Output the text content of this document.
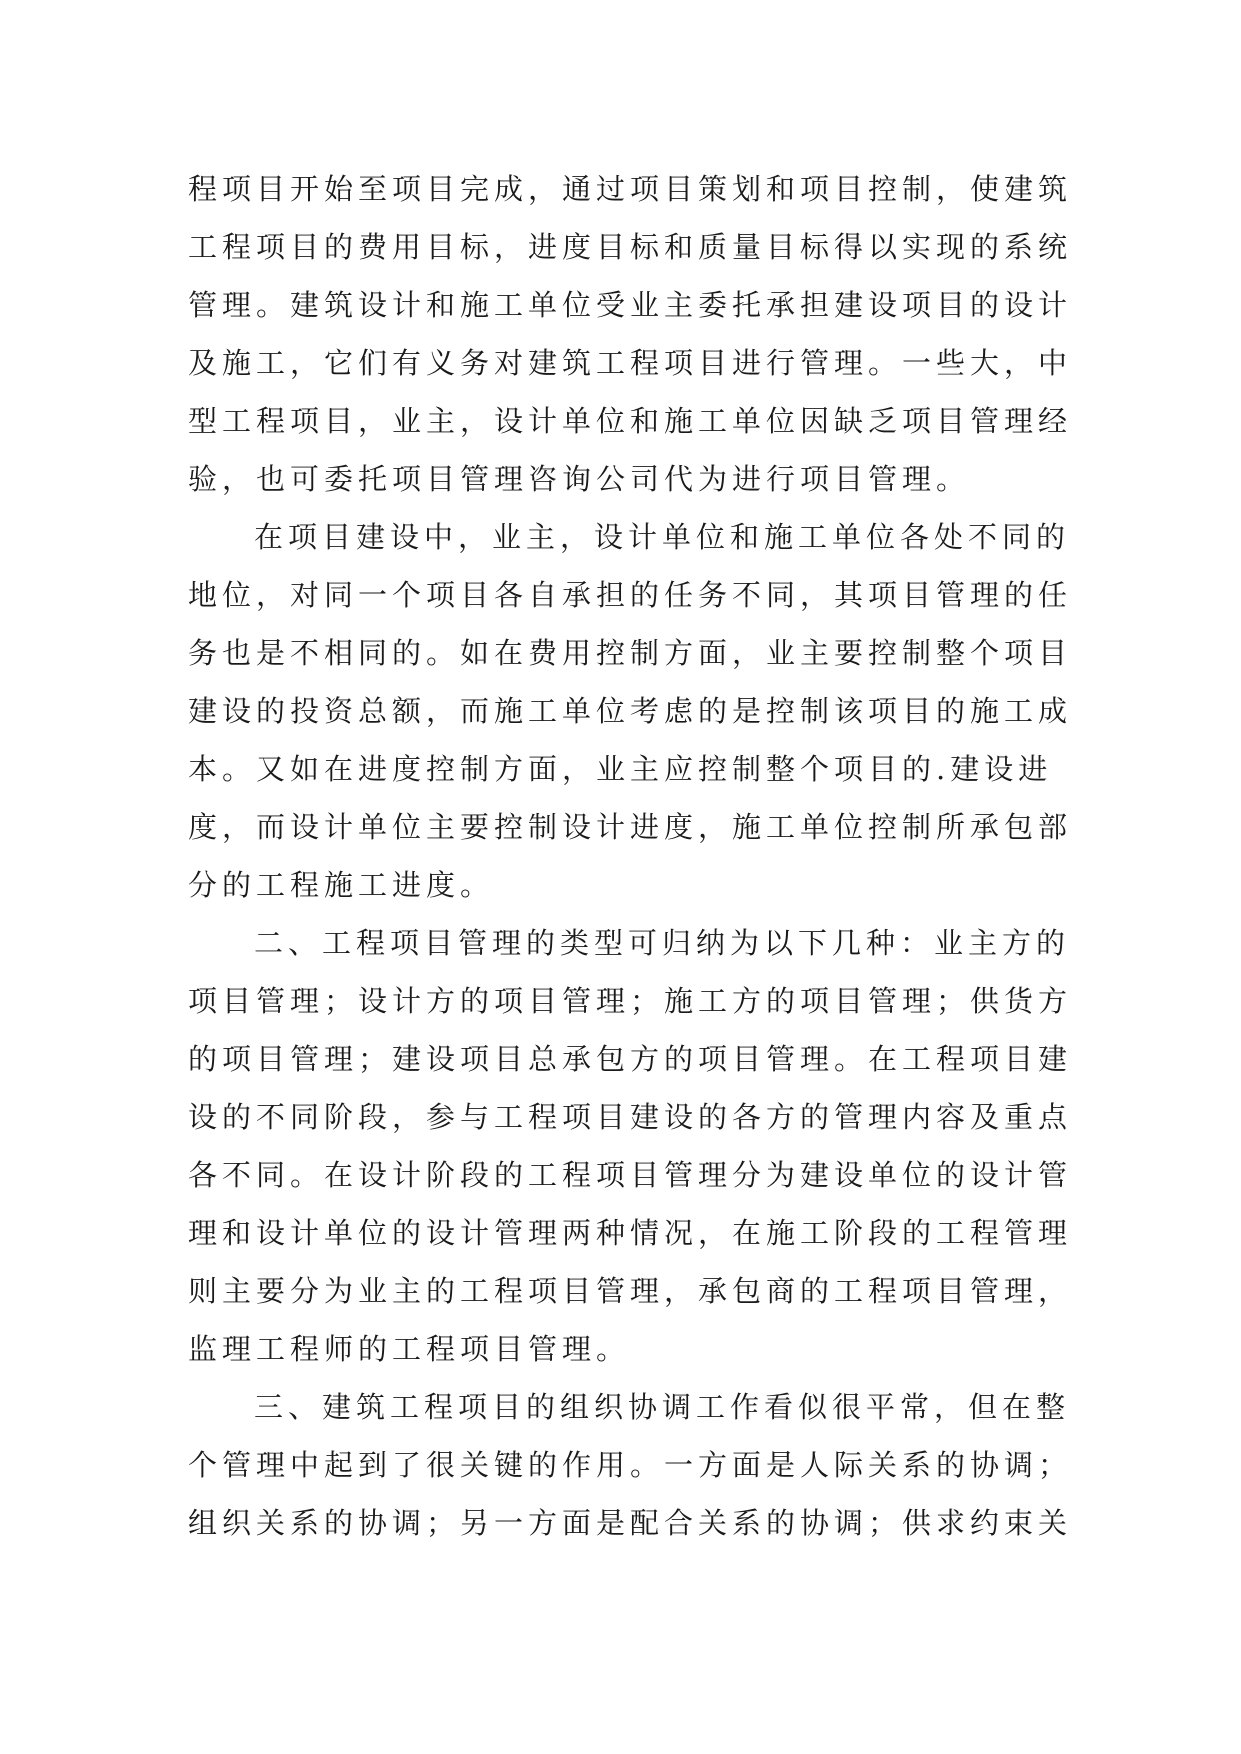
程项目开始至项目完成，通过项目策划和项目控制，使建筑
工程项目的费用目标，进度目标和质量目标得以实现的系统
管理。建筑设计和施工单位受业主委托承担建设项目的设计
及施工，它们有义务对建筑工程项目进行管理。一些大，中
型工程项目，业主，设计单位和施工单位因缺乏项目管理经
验，也可委托项目管理咨询公司代为进行项目管理。
在项目建设中，业主，设计单位和施工单位各处不同的
地位，对同一个项目各自承担的任务不同，其项目管理的任
务也是不相同的。如在费用控制方面，业主要控制整个项目
建设的投资总额，而施工单位考虑的是控制该项目的施工成
本。又如在进度控制方面，业主应控制整个项目的.建设进
度，而设计单位主要控制设计进度，施工单位控制所承包部
分的工程施工进度。
二、工程项目管理的类型可归纳为以下几种：业主方的
项目管理；设计方的项目管理；施工方的项目管理；供货方
的项目管理；建设项目总承包方的项目管理。在工程项目建
设的不同阶段，参与工程项目建设的各方的管理内容及重点
各不同。在设计阶段的工程项目管理分为建设单位的设计管
理和设计单位的设计管理两种情况，在施工阶段的工程管理
则主要分为业主的工程项目管理，承包商的工程项目管理，
监理工程师的工程项目管理。
三、建筑工程项目的组织协调工作看似很平常，但在整
个管理中起到了很关键的作用。一方面是人际关系的协调；
组织关系的协调；另一方面是配合关系的协调；供求约束关
